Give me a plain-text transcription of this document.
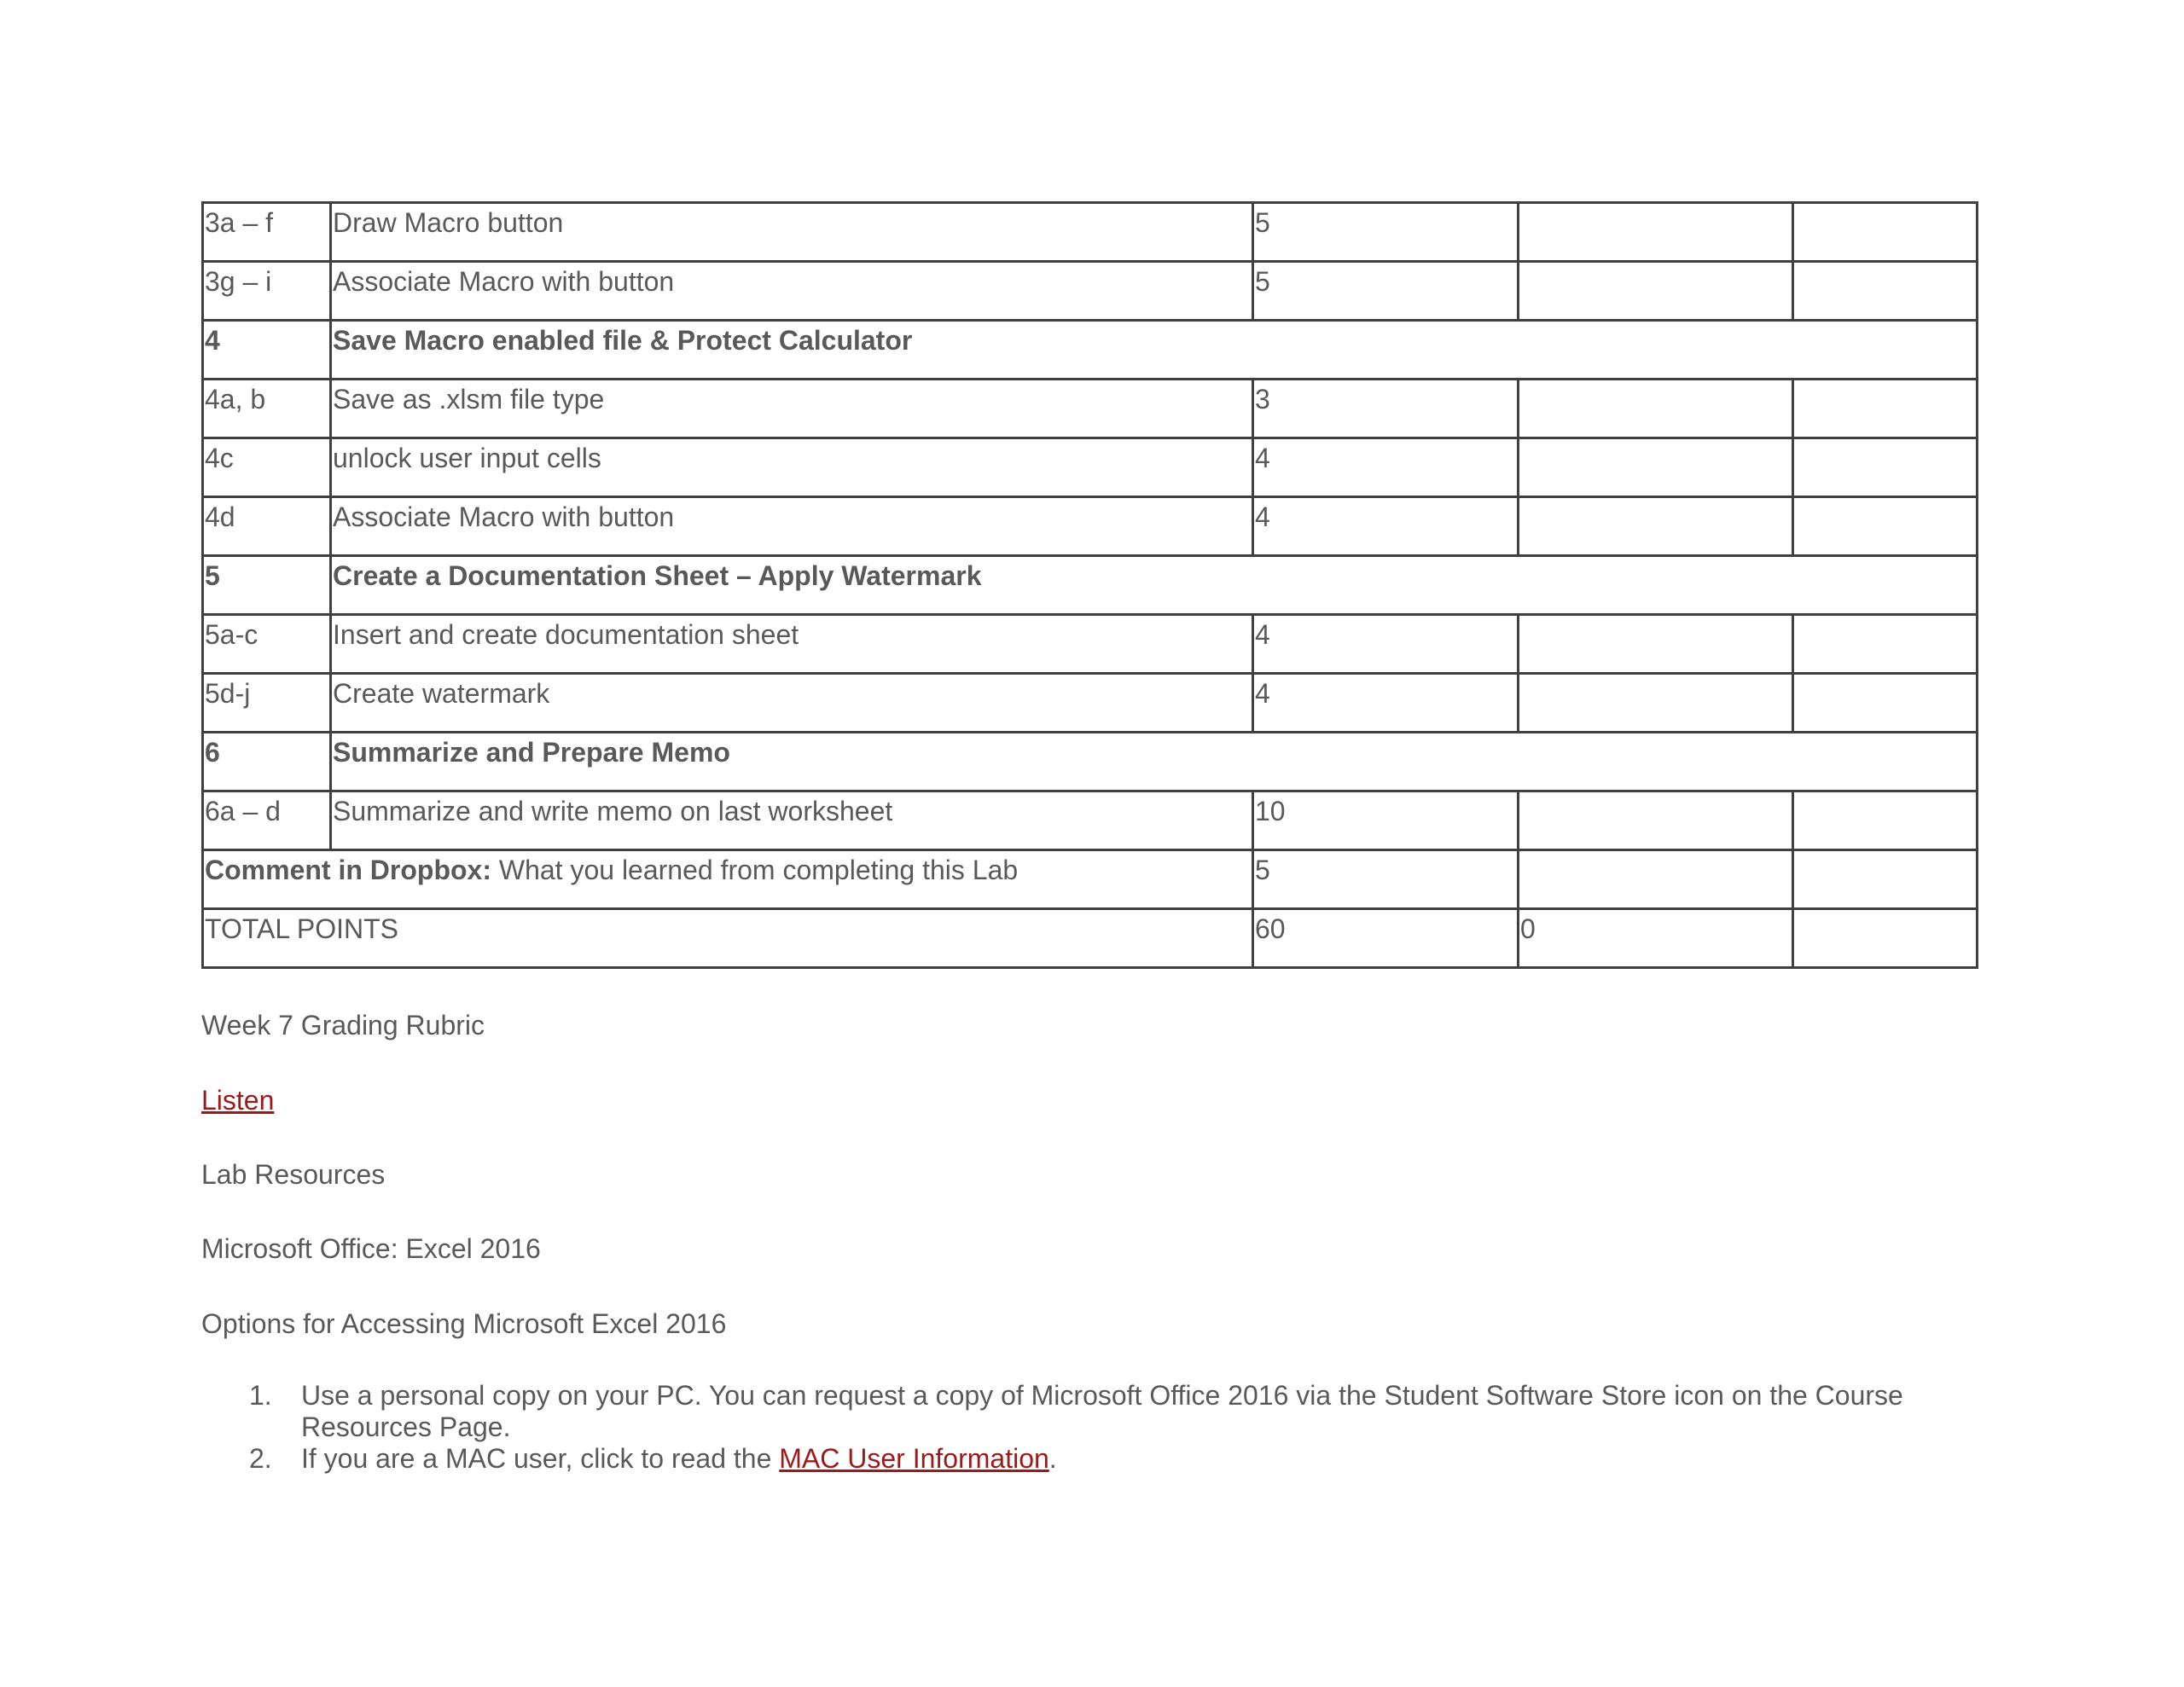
3a – f	Draw Macro button	5		
3g – i	Associate Macro with button	5		
4	Save Macro enabled file & Protect Calculator			
4a, b	Save as .xlsm file type	3		
4c	unlock user input cells	4		
4d	Associate Macro with button	4		
5	Create a Documentation Sheet – Apply Watermark			
5a-c	Insert and create documentation sheet	4		
5d-j	Create watermark	4		
6	Summarize and Prepare Memo			
6a – d	Summarize and write memo on last worksheet	10		
Comment in Dropbox: What you learned from completing this Lab		5		
TOTAL POINTS		60	0	

Week 7 Grading Rubric

Listen

Lab Resources

Microsoft Office: Excel 2016

Options for Accessing Microsoft Excel 2016

1. Use a personal copy on your PC. You can request a copy of Microsoft Office 2016 via the Student Software Store icon on the Course Resources Page.
2. If you are a MAC user, click to read the MAC User Information.
